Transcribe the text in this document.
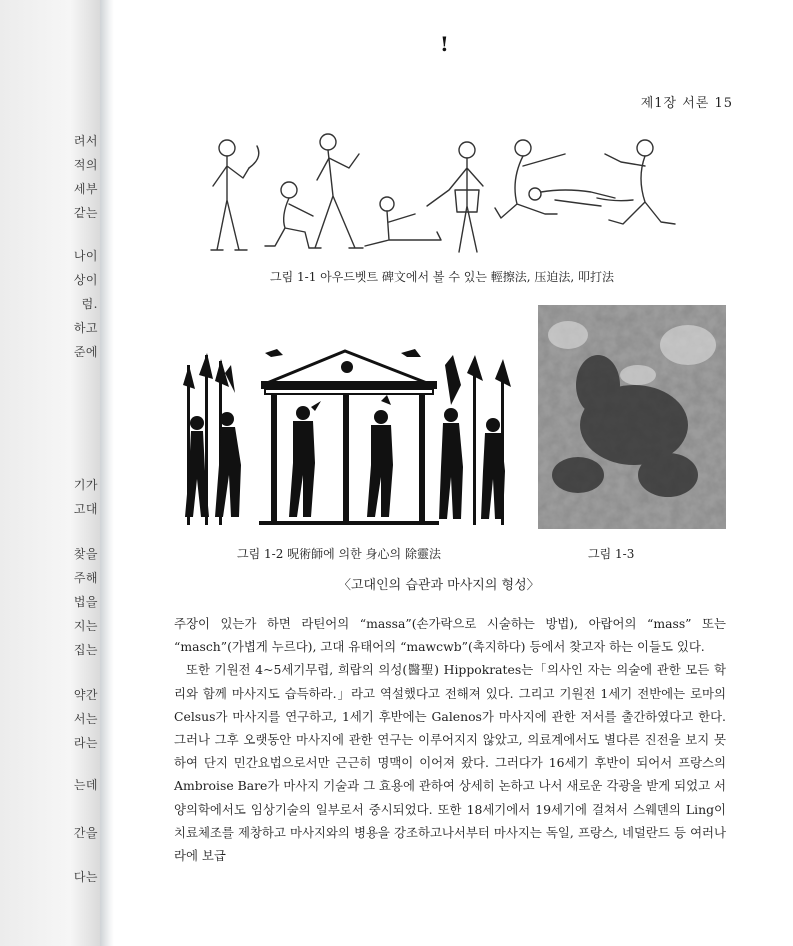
려서
적의
세부
같는
나이
상이
럼.
하고
준에
기가
고대
찾을
주해
법을
지는
집는
약간
서는
라는
는데
간을
다는
!
제1장 서론 15
그림 1-1 아우드벳트 碑文에서 볼 수 있는 輕擦法, 压迫法, 叩打法
그림 1-2 呪術師에 의한 身心의 除靈法	그림 1-3
〈고대인의 습관과 마사지의 형성〉

주장이 있는가 하면 라틴어의 “massa”(손가락으로 시술하는 방법), 아랍어의 “mass” 또는 “masch”(가볍게 누르다), 고대 유태어의 “mawcwb”(촉지하다) 등에서 찾고자 하는 이들도 있다.

또한 기원전 4~5세기무렵, 희랍의 의성(醫聖) Hippokrates는「의사인 자는 의술에 관한 모든 학리와 함께 마사지도 습득하라.」라고 역설했다고 전해져 있다. 그리고 기원전 1세기 전반에는 로마의 Celsus가 마사지를 연구하고, 1세기 후반에는 Galenos가 마사지에 관한 저서를 출간하였다고 한다. 그러나 그후 오랫동안 마사지에 관한 연구는 이루어지지 않았고, 의료계에서도 별다른 진전을 보지 못하여 단지 민간요법으로서만 근근히 명맥이 이어져 왔다. 그러다가 16세기 후반이 되어서 프랑스의 Ambroise Bare가 마사지 기술과 그 효용에 관하여 상세히 논하고 나서 새로운 각광을 받게 되었고 서양의학에서도 임상기술의 일부로서 중시되었다. 또한 18세기에서 19세기에 걸쳐서 스웨덴의 Ling이 치료체조를 제창하고 마사지와의 병용을 강조하고나서부터 마사지는 독일, 프랑스, 네덜란드 등 여러나라에 보급
